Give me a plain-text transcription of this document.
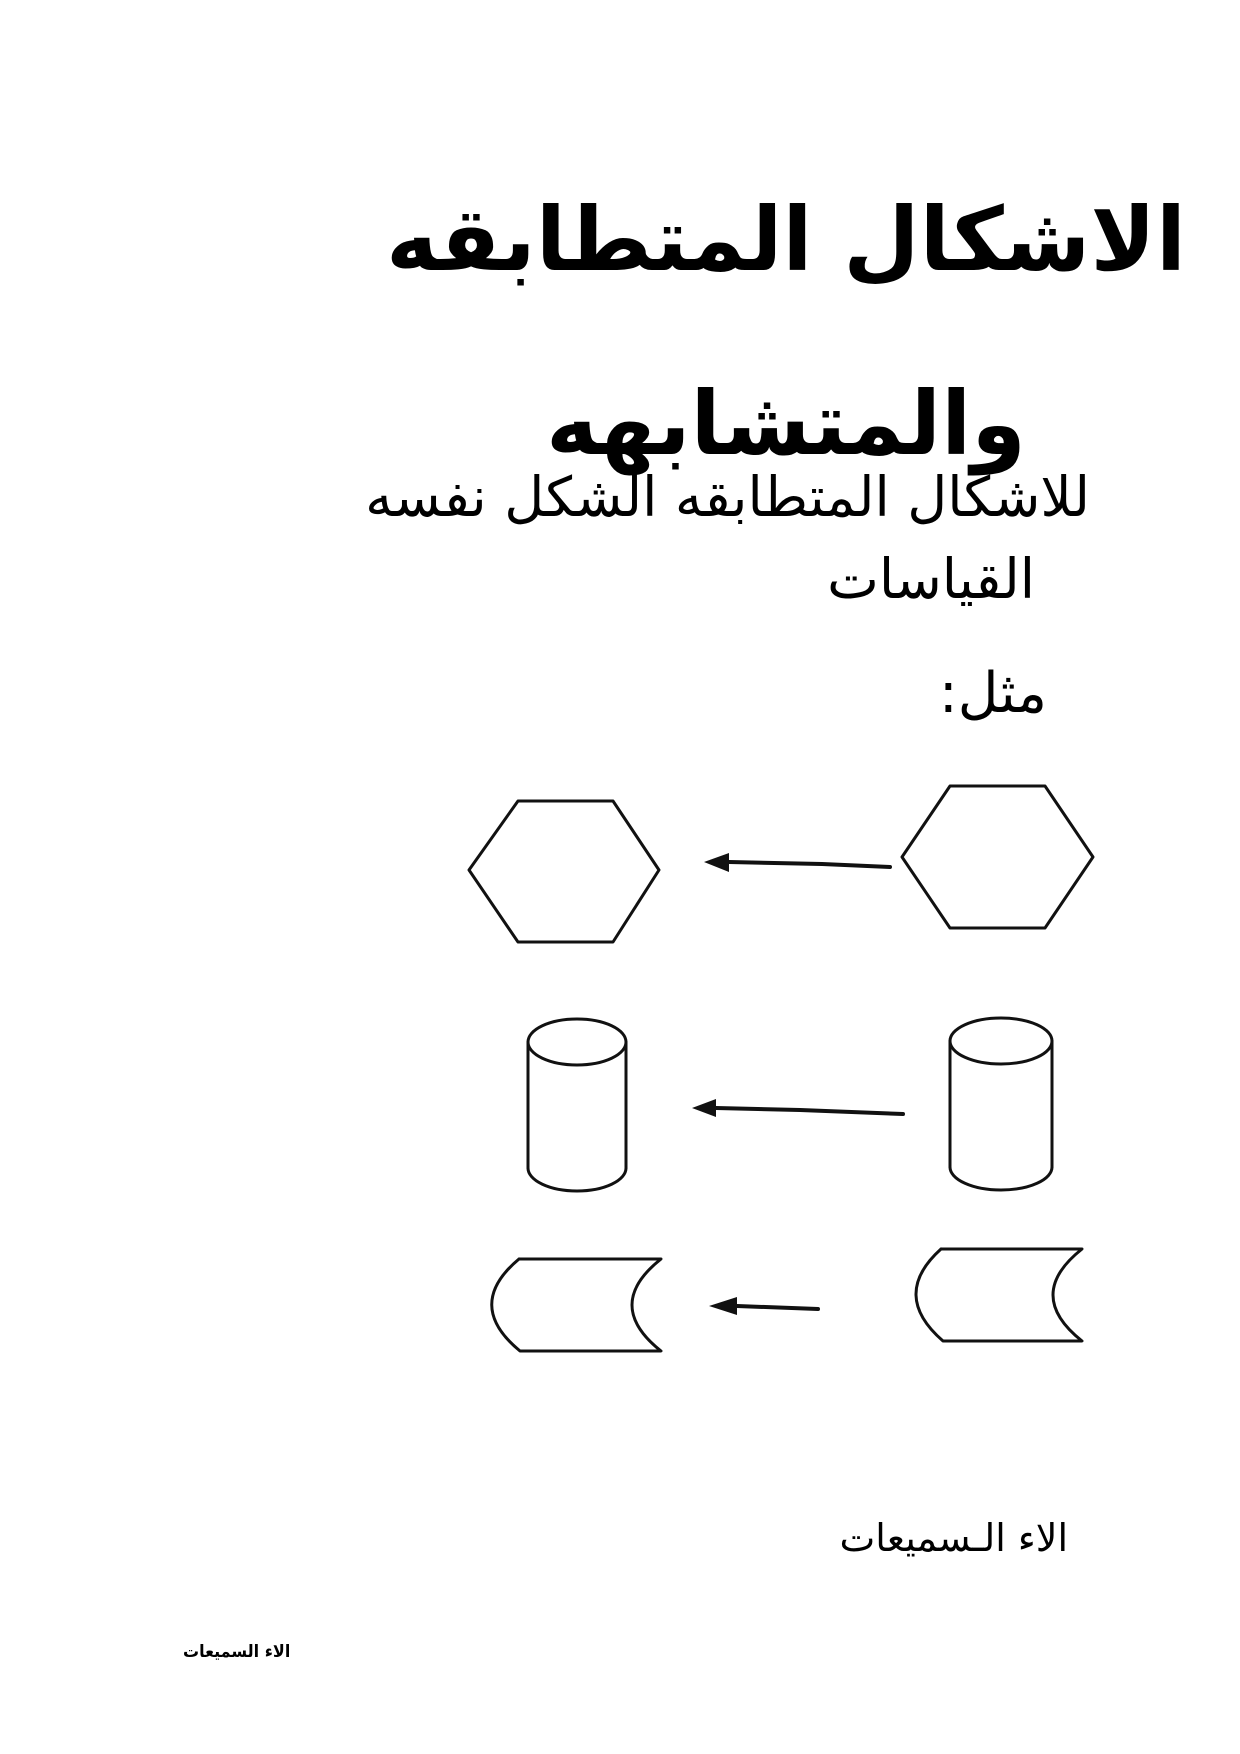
الاشكال المتطابقه
والمتشابهه
للاشكال المتطابقه الشكل نفسه
القياسات
مثل:
الاء الـسميعات
الاء السميعات
